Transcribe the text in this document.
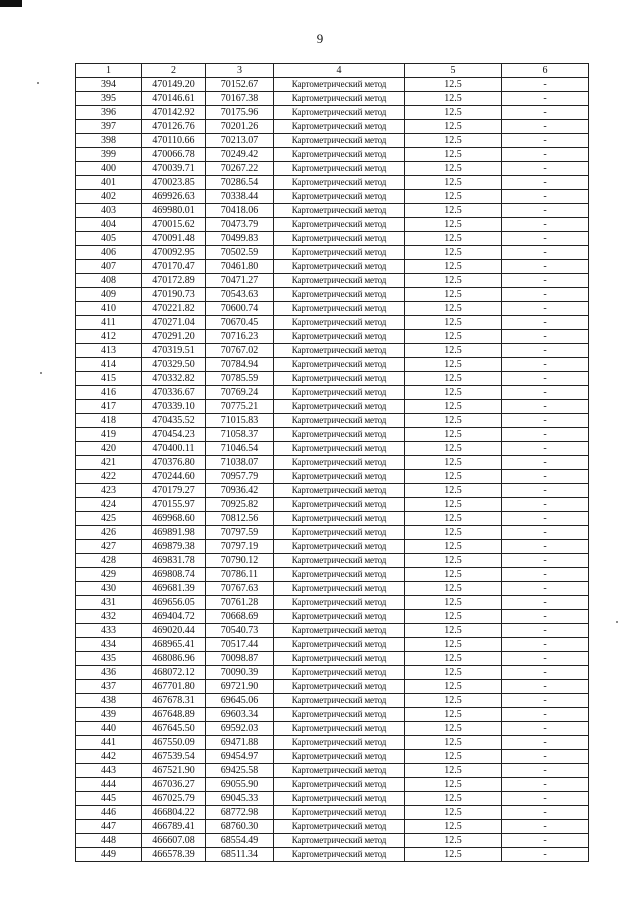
9
1	2	3	4	5	6
394	470149.20	70152.67	Картометрический метод	12.5	-
395	470146.61	70167.38	Картометрический метод	12.5	-
396	470142.92	70175.96	Картометрический метод	12.5	-
397	470126.76	70201.26	Картометрический метод	12.5	-
398	470110.66	70213.07	Картометрический метод	12.5	-
399	470066.78	70249.42	Картометрический метод	12.5	-
400	470039.71	70267.22	Картометрический метод	12.5	-
401	470023.85	70286.54	Картометрический метод	12.5	-
402	469926.63	70338.44	Картометрический метод	12.5	-
403	469980.01	70418.06	Картометрический метод	12.5	-
404	470015.62	70473.79	Картометрический метод	12.5	-
405	470091.48	70499.83	Картометрический метод	12.5	-
406	470092.95	70502.59	Картометрический метод	12.5	-
407	470170.47	70461.80	Картометрический метод	12.5	-
408	470172.89	70471.27	Картометрический метод	12.5	-
409	470190.73	70543.63	Картометрический метод	12.5	-
410	470221.82	70600.74	Картометрический метод	12.5	-
411	470271.04	70670.45	Картометрический метод	12.5	-
412	470291.20	70716.23	Картометрический метод	12.5	-
413	470319.51	70767.02	Картометрический метод	12.5	-
414	470329.50	70784.94	Картометрический метод	12.5	-
415	470332.82	70785.59	Картометрический метод	12.5	-
416	470336.67	70769.24	Картометрический метод	12.5	-
417	470339.10	70775.21	Картометрический метод	12.5	-
418	470435.52	71015.83	Картометрический метод	12.5	-
419	470454.23	71058.37	Картометрический метод	12.5	-
420	470400.11	71046.54	Картометрический метод	12.5	-
421	470376.80	71038.07	Картометрический метод	12.5	-
422	470244.60	70957.79	Картометрический метод	12.5	-
423	470179.27	70936.42	Картометрический метод	12.5	-
424	470155.97	70925.82	Картометрический метод	12.5	-
425	469968.60	70812.56	Картометрический метод	12.5	-
426	469891.98	70797.59	Картометрический метод	12.5	-
427	469879.38	70797.19	Картометрический метод	12.5	-
428	469831.78	70790.12	Картометрический метод	12.5	-
429	469808.74	70786.11	Картометрический метод	12.5	-
430	469681.39	70767.63	Картометрический метод	12.5	-
431	469656.05	70761.28	Картометрический метод	12.5	-
432	469404.72	70668.69	Картометрический метод	12.5	-
433	469020.44	70540.73	Картометрический метод	12.5	-
434	468965.41	70517.44	Картометрический метод	12.5	-
435	468086.96	70098.87	Картометрический метод	12.5	-
436	468072.12	70090.39	Картометрический метод	12.5	-
437	467701.80	69721.90	Картометрический метод	12.5	-
438	467678.31	69645.06	Картометрический метод	12.5	-
439	467648.89	69603.34	Картометрический метод	12.5	-
440	467645.50	69592.03	Картометрический метод	12.5	-
441	467550.09	69471.88	Картометрический метод	12.5	-
442	467539.54	69454.97	Картометрический метод	12.5	-
443	467521.90	69425.58	Картометрический метод	12.5	-
444	467036.27	69055.90	Картометрический метод	12.5	-
445	467025.79	69045.33	Картометрический метод	12.5	-
446	466804.22	68772.98	Картометрический метод	12.5	-
447	466789.41	68760.30	Картометрический метод	12.5	-
448	466607.08	68554.49	Картометрический метод	12.5	-
449	466578.39	68511.34	Картометрический метод	12.5	-
